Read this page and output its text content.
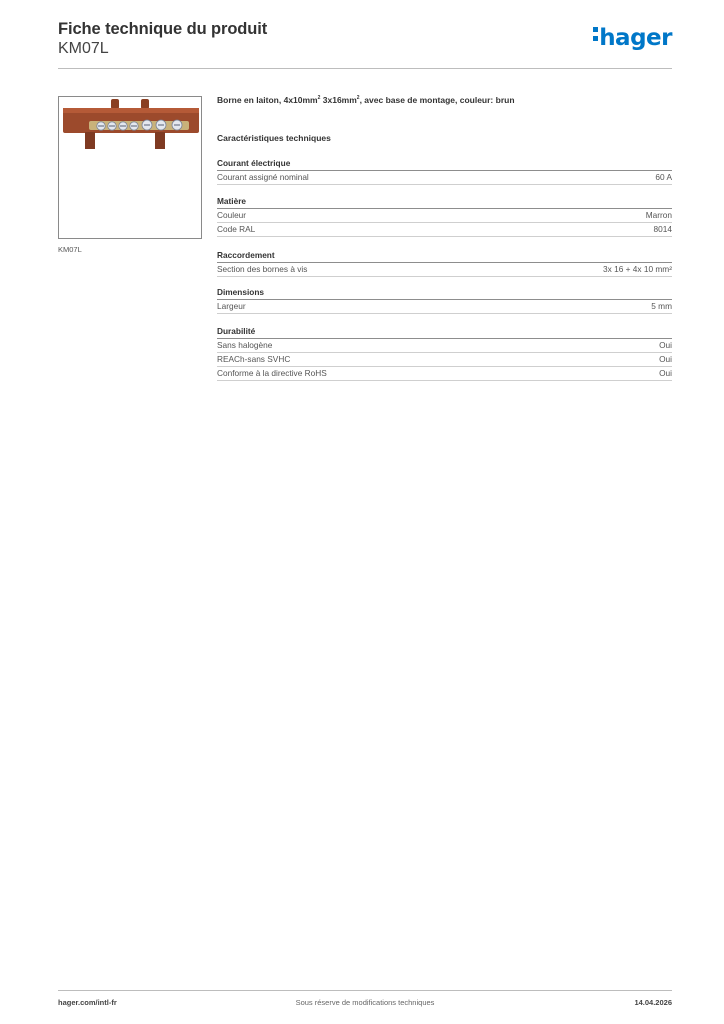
Fiche technique du produit
KM07L	hager
KM07L
Borne en laiton, $4x10mm^2$ $3x16mm^2$, avec base de montage, couleur: brun
Caractéristiques techniques
Courant électrique
Courant assigné nominal	60 A
Matière
Couleur	Marron
Code RAL	8014
Raccordement
Section des bornes à vis	3x 16 + 4x 10 mm²
Dimensions
Largeur	5 mm
Durabilité
Sans halogène	Oui
REACh-sans SVHC	Oui
Conforme à la directive RoHS	Oui
hager.com/intl-fr	Sous réserve de modifications techniques	14.04.2026
